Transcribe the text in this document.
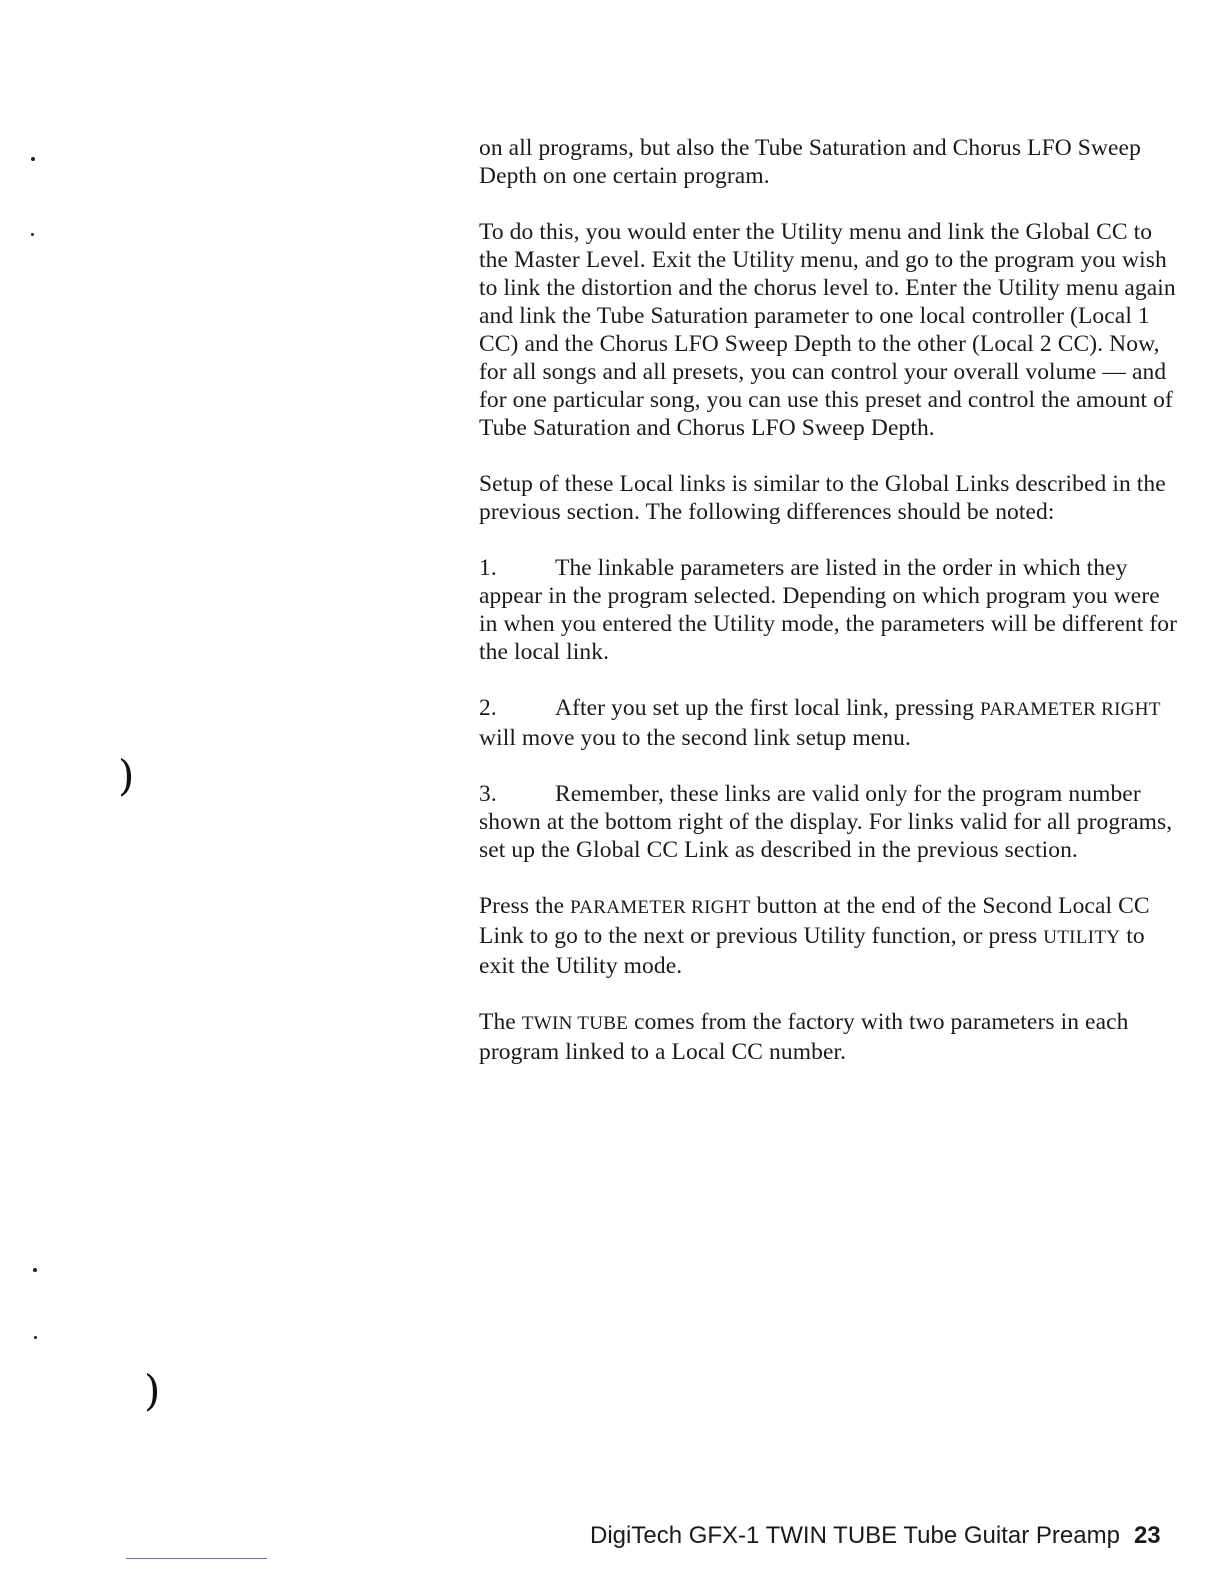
)
)

on all programs, but also the Tube Saturation and Chorus LFO Sweep Depth on one certain program.

To do this, you would enter the Utility menu and link the Global CC to the Master Level. Exit the Utility menu, and go to the program you wish to link the distortion and the chorus level to. Enter the Utility menu again and link the Tube Saturation parameter to one local controller (Local 1 CC) and the Chorus LFO Sweep Depth to the other (Local 2 CC). Now, for all songs and all presets, you can control your overall volume — and for one particular song, you can use this preset and control the amount of Tube Saturation and Chorus LFO Sweep Depth.

Setup of these Local links is similar to the Global Links described in the previous section. The following differences should be noted:

1. The linkable parameters are listed in the order in which they appear in the program selected. Depending on which program you were in when you entered the Utility mode, the parameters will be different for the local link.

2. After you set up the first local link, pressing PARAMETER RIGHT will move you to the second link setup menu.

3. Remember, these links are valid only for the program number shown at the bottom right of the display. For links valid for all programs, set up the Global CC Link as described in the previous section.

Press the PARAMETER RIGHT button at the end of the Second Local CC Link to go to the next or previous Utility function, or press UTILITY to exit the Utility mode.

The TWIN TUBE comes from the factory with two parameters in each program linked to a Local CC number.

DigiTech GFX-1 TWIN TUBE Tube Guitar Preamp 23
